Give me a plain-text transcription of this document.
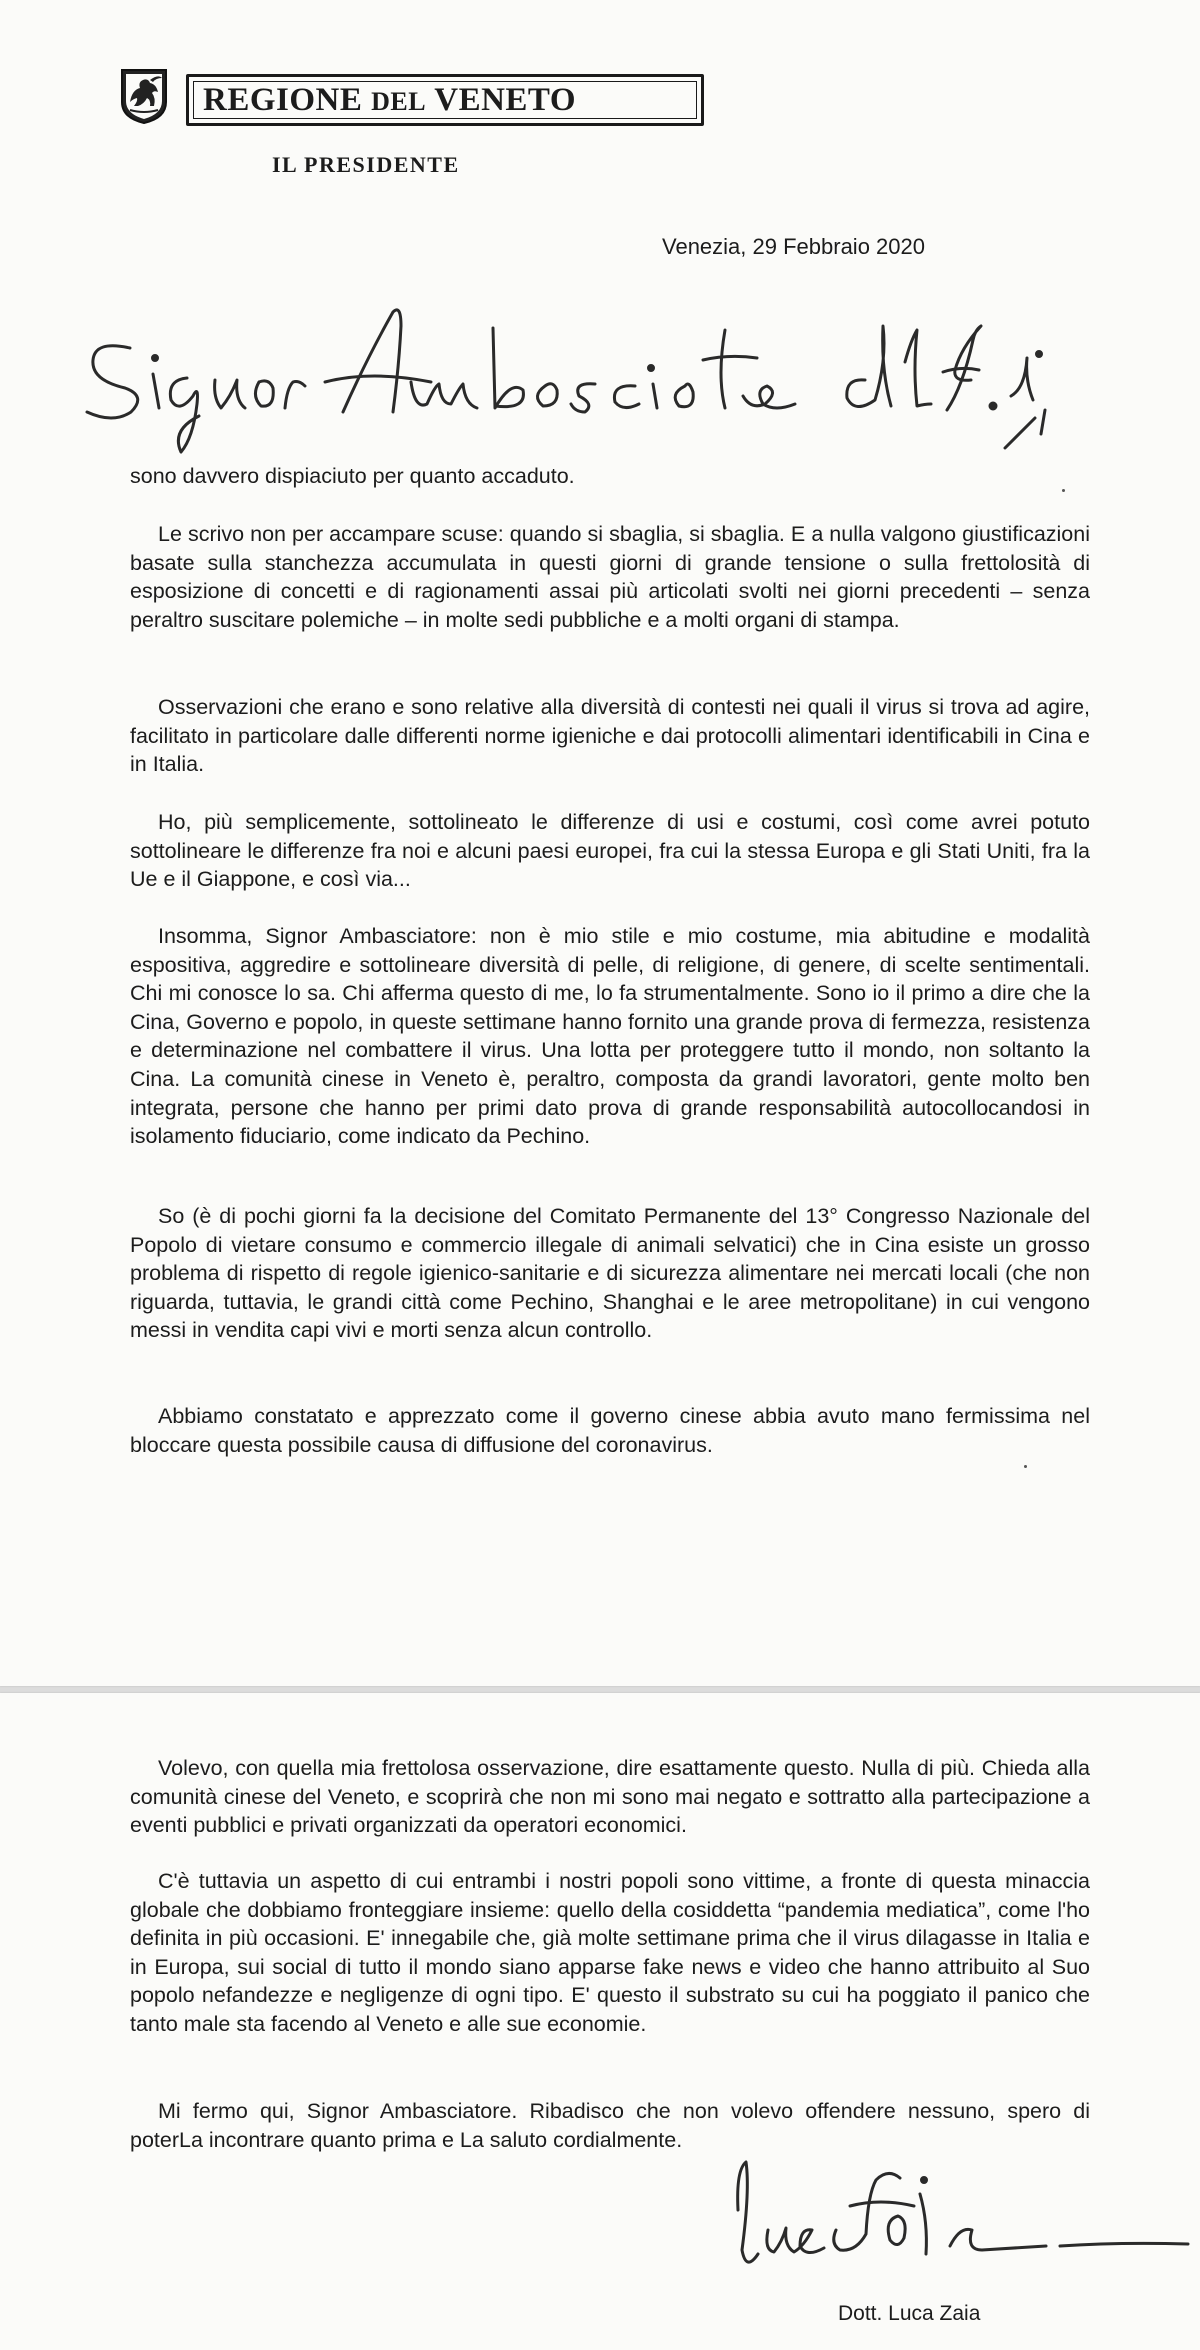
REGIONE DEL VENETO
IL PRESIDENTE
Venezia, 29 Febbraio 2020

sono davvero dispiaciuto per quanto accaduto.

Le scrivo non per accampare scuse: quando si sbaglia, si sbaglia. E a nulla valgono giustificazioni basate sulla stanchezza accumulata in questi giorni di grande tensione o sulla frettolosità di esposizione di concetti e di ragionamenti assai più articolati svolti nei giorni precedenti – senza peraltro suscitare polemiche – in molte sedi pubbliche e a molti organi di stampa.

Osservazioni che erano e sono relative alla diversità di contesti nei quali il virus si trova ad agire, facilitato in particolare dalle differenti norme igieniche e dai protocolli alimentari identificabili in Cina e in Italia.

Ho, più semplicemente, sottolineato le differenze di usi e costumi, così come avrei potuto sottolineare le differenze fra noi e alcuni paesi europei, fra cui la stessa Europa e gli Stati Uniti, fra la Ue e il Giappone, e così via...

Insomma, Signor Ambasciatore: non è mio stile e mio costume, mia abitudine e modalità espositiva, aggredire e sottolineare diversità di pelle, di religione, di genere, di scelte sentimentali. Chi mi conosce lo sa. Chi afferma questo di me, lo fa strumentalmente. Sono io il primo a dire che la Cina, Governo e popolo, in queste settimane hanno fornito una grande prova di fermezza, resistenza e determinazione nel combattere il virus. Una lotta per proteggere tutto il mondo, non soltanto la Cina. La comunità cinese in Veneto è, peraltro, composta da grandi lavoratori, gente molto ben integrata, persone che hanno per primi dato prova di grande responsabilità autocollocandosi in isolamento fiduciario, come indicato da Pechino.

So (è di pochi giorni fa la decisione del Comitato Permanente del 13° Congresso Nazionale del Popolo di vietare consumo e commercio illegale di animali selvatici) che in Cina esiste un grosso problema di rispetto di regole igienico-sanitarie e di sicurezza alimentare nei mercati locali (che non riguarda, tuttavia, le grandi città come Pechino, Shanghai e le aree metropolitane) in cui vengono messi in vendita capi vivi e morti senza alcun controllo.

Abbiamo constatato e apprezzato come il governo cinese abbia avuto mano fermissima nel bloccare questa possibile causa di diffusione del coronavirus.

Volevo, con quella mia frettolosa osservazione, dire esattamente questo. Nulla di più. Chieda alla comunità cinese del Veneto, e scoprirà che non mi sono mai negato e sottratto alla partecipazione a eventi pubblici e privati organizzati da operatori economici.

C'è tuttavia un aspetto di cui entrambi i nostri popoli sono vittime, a fronte di questa minaccia globale che dobbiamo fronteggiare insieme: quello della cosiddetta “pandemia mediatica”, come l'ho definita in più occasioni. E' innegabile che, già molte settimane prima che il virus dilagasse in Italia e in Europa, sui social di tutto il mondo siano apparse fake news e video che hanno attribuito al Suo popolo nefandezze e negligenze di ogni tipo. E' questo il substrato su cui ha poggiato il panico che tanto male sta facendo al Veneto e alle sue economie.

Mi fermo qui, Signor Ambasciatore. Ribadisco che non volevo offendere nessuno, spero di poterLa incontrare quanto prima e La saluto cordialmente.

Dott. Luca Zaia
